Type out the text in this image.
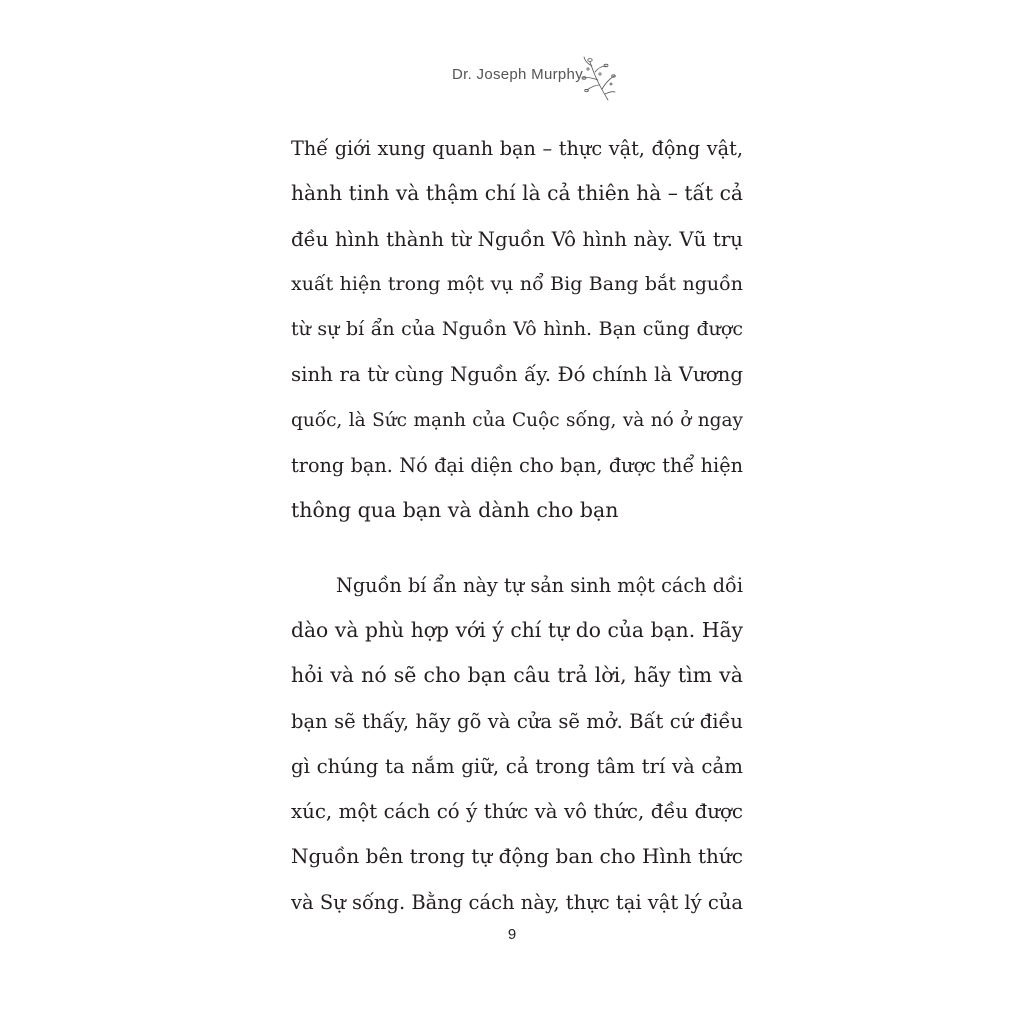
Dr. Joseph Murphy
Thế giới xung quanh bạn – thực vật, động vật,
hành tinh và thậm chí là cả thiên hà – tất cả
đều hình thành từ Nguồn Vô hình này. Vũ trụ
xuất hiện trong một vụ nổ Big Bang bắt nguồn
từ sự bí ẩn của Nguồn Vô hình. Bạn cũng được
sinh ra từ cùng Nguồn ấy. Đó chính là Vương
quốc, là Sức mạnh của Cuộc sống, và nó ở ngay
trong bạn. Nó đại diện cho bạn, được thể hiện
thông qua bạn và dành cho bạn
Nguồn bí ẩn này tự sản sinh một cách dồi
dào và phù hợp với ý chí tự do của bạn. Hãy
hỏi và nó sẽ cho bạn câu trả lời, hãy tìm và
bạn sẽ thấy, hãy gõ và cửa sẽ mở. Bất cứ điều
gì chúng ta nắm giữ, cả trong tâm trí và cảm
xúc, một cách có ý thức và vô thức, đều được
Nguồn bên trong tự động ban cho Hình thức
và Sự sống. Bằng cách này, thực tại vật lý của
9
